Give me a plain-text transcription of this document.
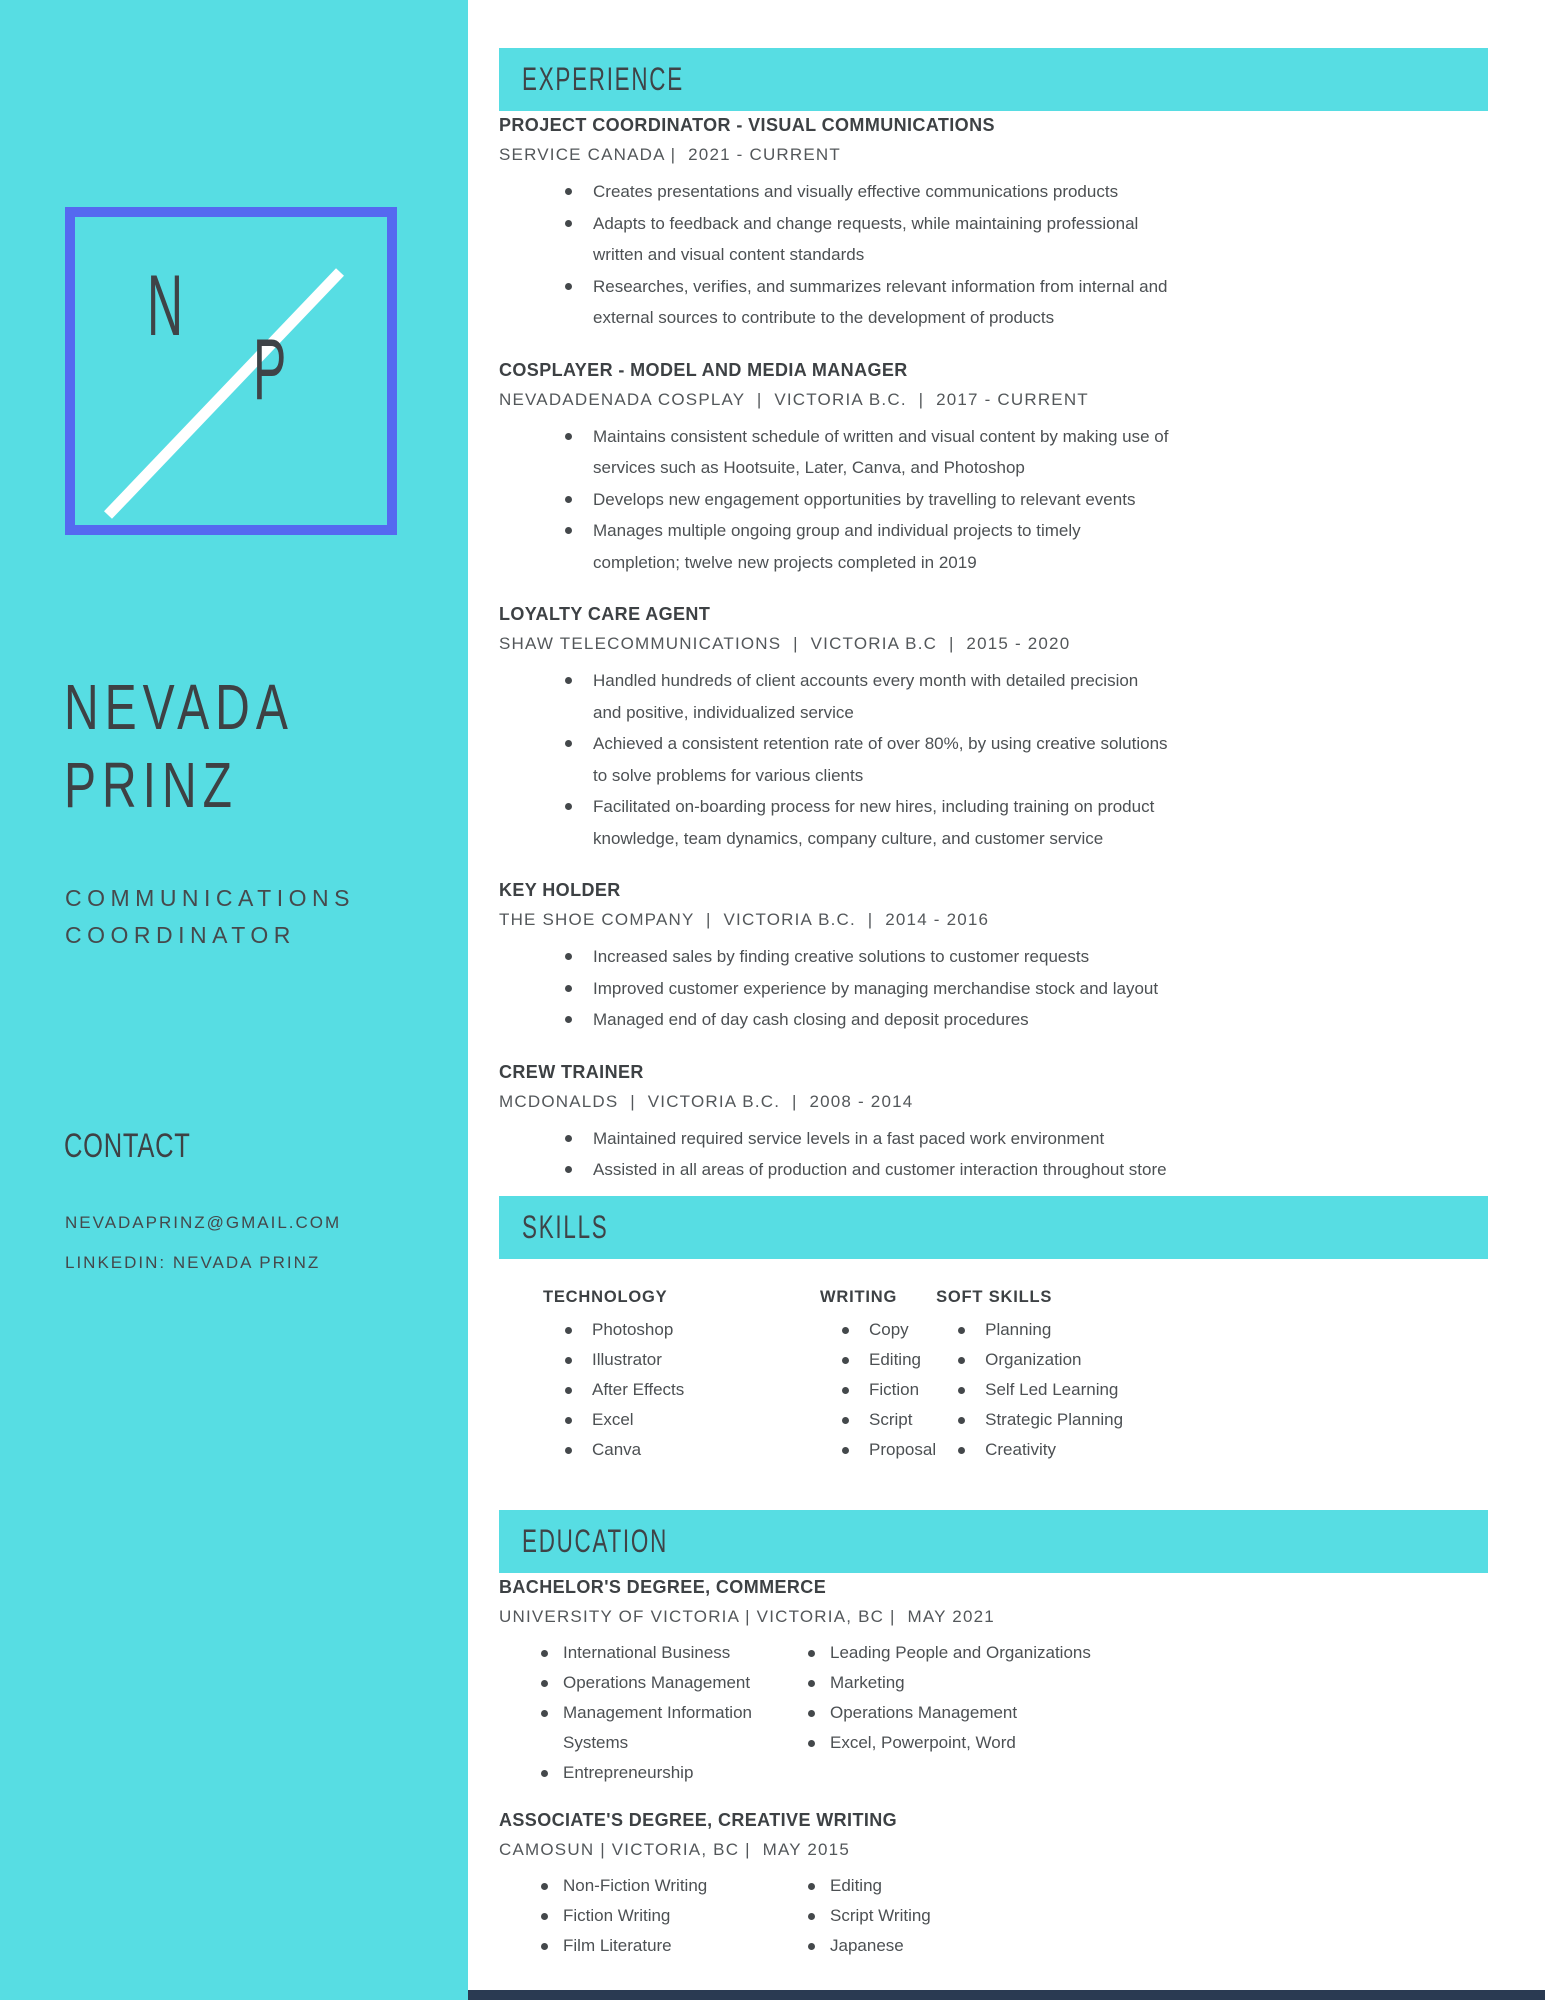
N
P
NEVADA
PRINZ
COMMUNICATIONS
COORDINATOR
CONTACT
NEVADAPRINZ@GMAIL.COM
LINKEDIN: NEVADA PRINZ
EXPERIENCE
PROJECT COORDINATOR - VISUAL COMMUNICATIONS
SERVICE CANADA |  2021 - CURRENT
Creates presentations and visually effective communications products
Adapts to feedback and change requests, while maintaining professional written and visual content standards
Researches, verifies, and summarizes relevant information from internal and external sources to contribute to the development of products
COSPLAYER - MODEL AND MEDIA MANAGER
NEVADADENADA COSPLAY  |  VICTORIA B.C.  |  2017 - CURRENT
Maintains consistent schedule of written and visual content by making use of services such as Hootsuite, Later, Canva, and Photoshop
Develops new engagement opportunities by travelling to relevant events
Manages multiple ongoing group and individual projects to timely completion; twelve new projects completed in 2019
LOYALTY CARE AGENT
SHAW TELECOMMUNICATIONS  |  VICTORIA B.C  |  2015 - 2020
Handled hundreds of client accounts every month with detailed precision and positive, individualized service
Achieved a consistent retention rate of over 80%, by using creative solutions to solve problems for various clients
Facilitated on-boarding process for new hires, including training on product knowledge, team dynamics, company culture, and customer service
KEY HOLDER
THE SHOE COMPANY  |  VICTORIA B.C.  |  2014 - 2016
Increased sales by finding creative solutions to customer requests
Improved customer experience by managing merchandise stock and layout
Managed end of day cash closing and deposit procedures
CREW TRAINER
MCDONALDS  |  VICTORIA B.C.  |  2008 - 2014
Maintained required service levels in a fast paced work environment
Assisted in all areas of production and customer interaction throughout store
SKILLS
TECHNOLOGY
Photoshop
Illustrator
After Effects
Excel
Canva
WRITING
Copy
Editing
Fiction
Script
Proposal
SOFT SKILLS
Planning
Organization
Self Led Learning
Strategic Planning
Creativity
EDUCATION
BACHELOR'S DEGREE, COMMERCE
UNIVERSITY OF VICTORIA | VICTORIA, BC |  MAY 2021
International Business
Operations Management
Management Information Systems
Entrepreneurship
Leading People and Organizations
Marketing
Operations Management
Excel, Powerpoint, Word
ASSOCIATE'S DEGREE, CREATIVE WRITING
CAMOSUN | VICTORIA, BC |  MAY 2015
Non-Fiction Writing
Fiction Writing
Film Literature
Editing
Script Writing
Japanese
